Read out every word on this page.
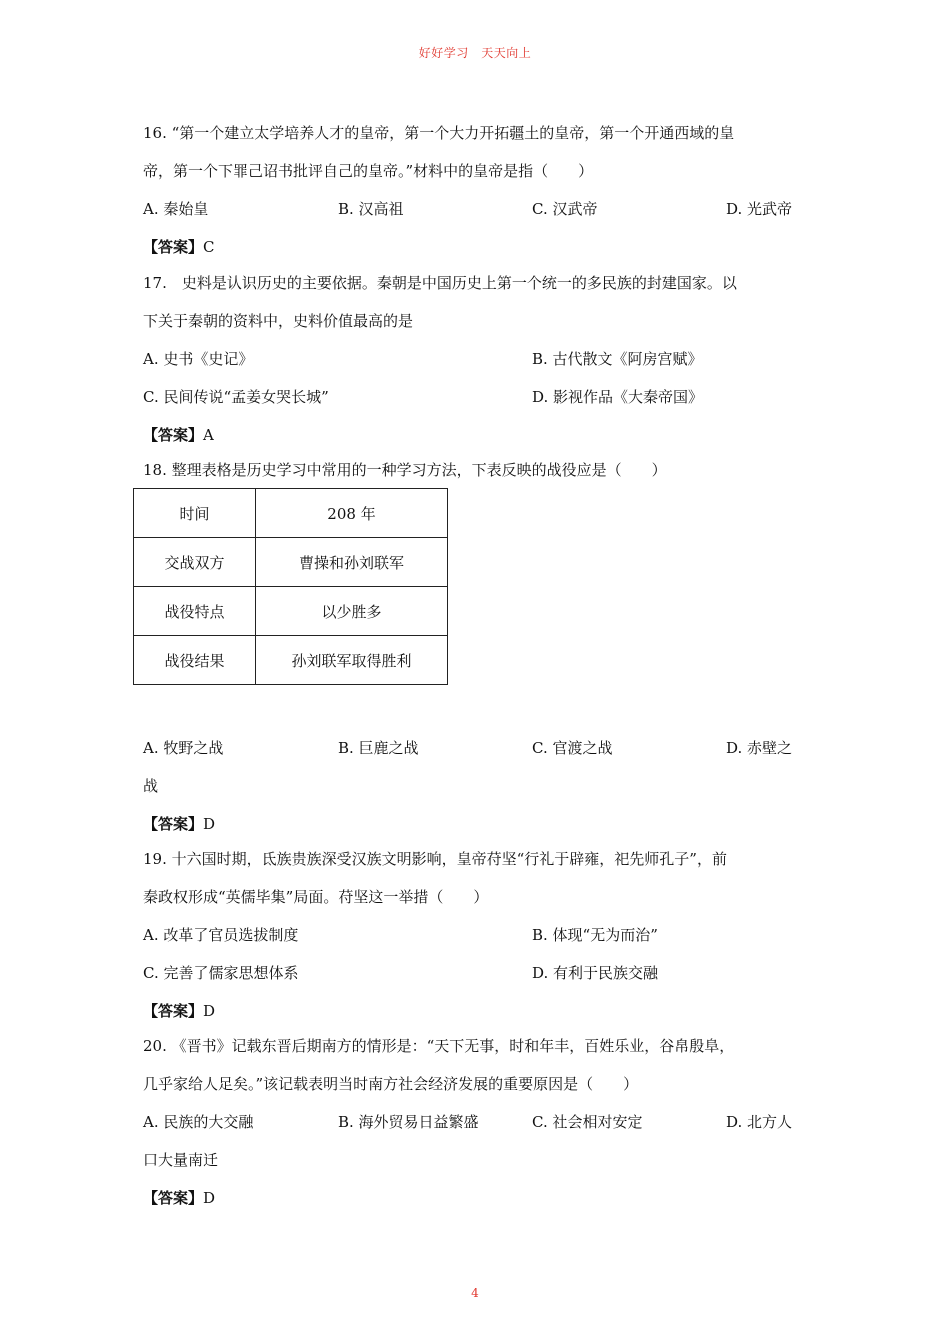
好好学习　天天向上
16. “第一个建立太学培养人才的皇帝，第一个大力开拓疆土的皇帝，第一个开通西域的皇
帝，第一个下罪己诏书批评自己的皇帝。”材料中的皇帝是指（　　）
A. 秦始皇	B. 汉高祖	C. 汉武帝	D. 光武帝
【答案】C
17.　史料是认识历史的主要依据。秦朝是中国历史上第一个统一的多民族的封建国家。以
下关于秦朝的资料中，史料价值最高的是
A. 史书《史记》	B. 古代散文《阿房宫赋》
C. 民间传说“孟姜女哭长城”	D. 影视作品《大秦帝国》
【答案】A
18. 整理表格是历史学习中常用的一种学习方法，下表反映的战役应是（　　）
时间	208 年
交战双方	曹操和孙刘联军
战役特点	以少胜多
战役结果	孙刘联军取得胜利
A. 牧野之战	B. 巨鹿之战	C. 官渡之战	D. 赤壁之
战
【答案】D
19. 十六国时期，氐族贵族深受汉族文明影响，皇帝苻坚“行礼于辟雍，祀先师孔子”，前
秦政权形成“英儒毕集”局面。苻坚这一举措（　　）
A. 改革了官员选拔制度	B. 体现“无为而治”
C. 完善了儒家思想体系	D. 有利于民族交融
【答案】D
20. 《晋书》记载东晋后期南方的情形是：“天下无事，时和年丰，百姓乐业，谷帛殷阜，
几乎家给人足矣。”该记载表明当时南方社会经济发展的重要原因是（　　）
A. 民族的大交融	B. 海外贸易日益繁盛	C. 社会相对安定	D. 北方人
口大量南迁
【答案】D
4
